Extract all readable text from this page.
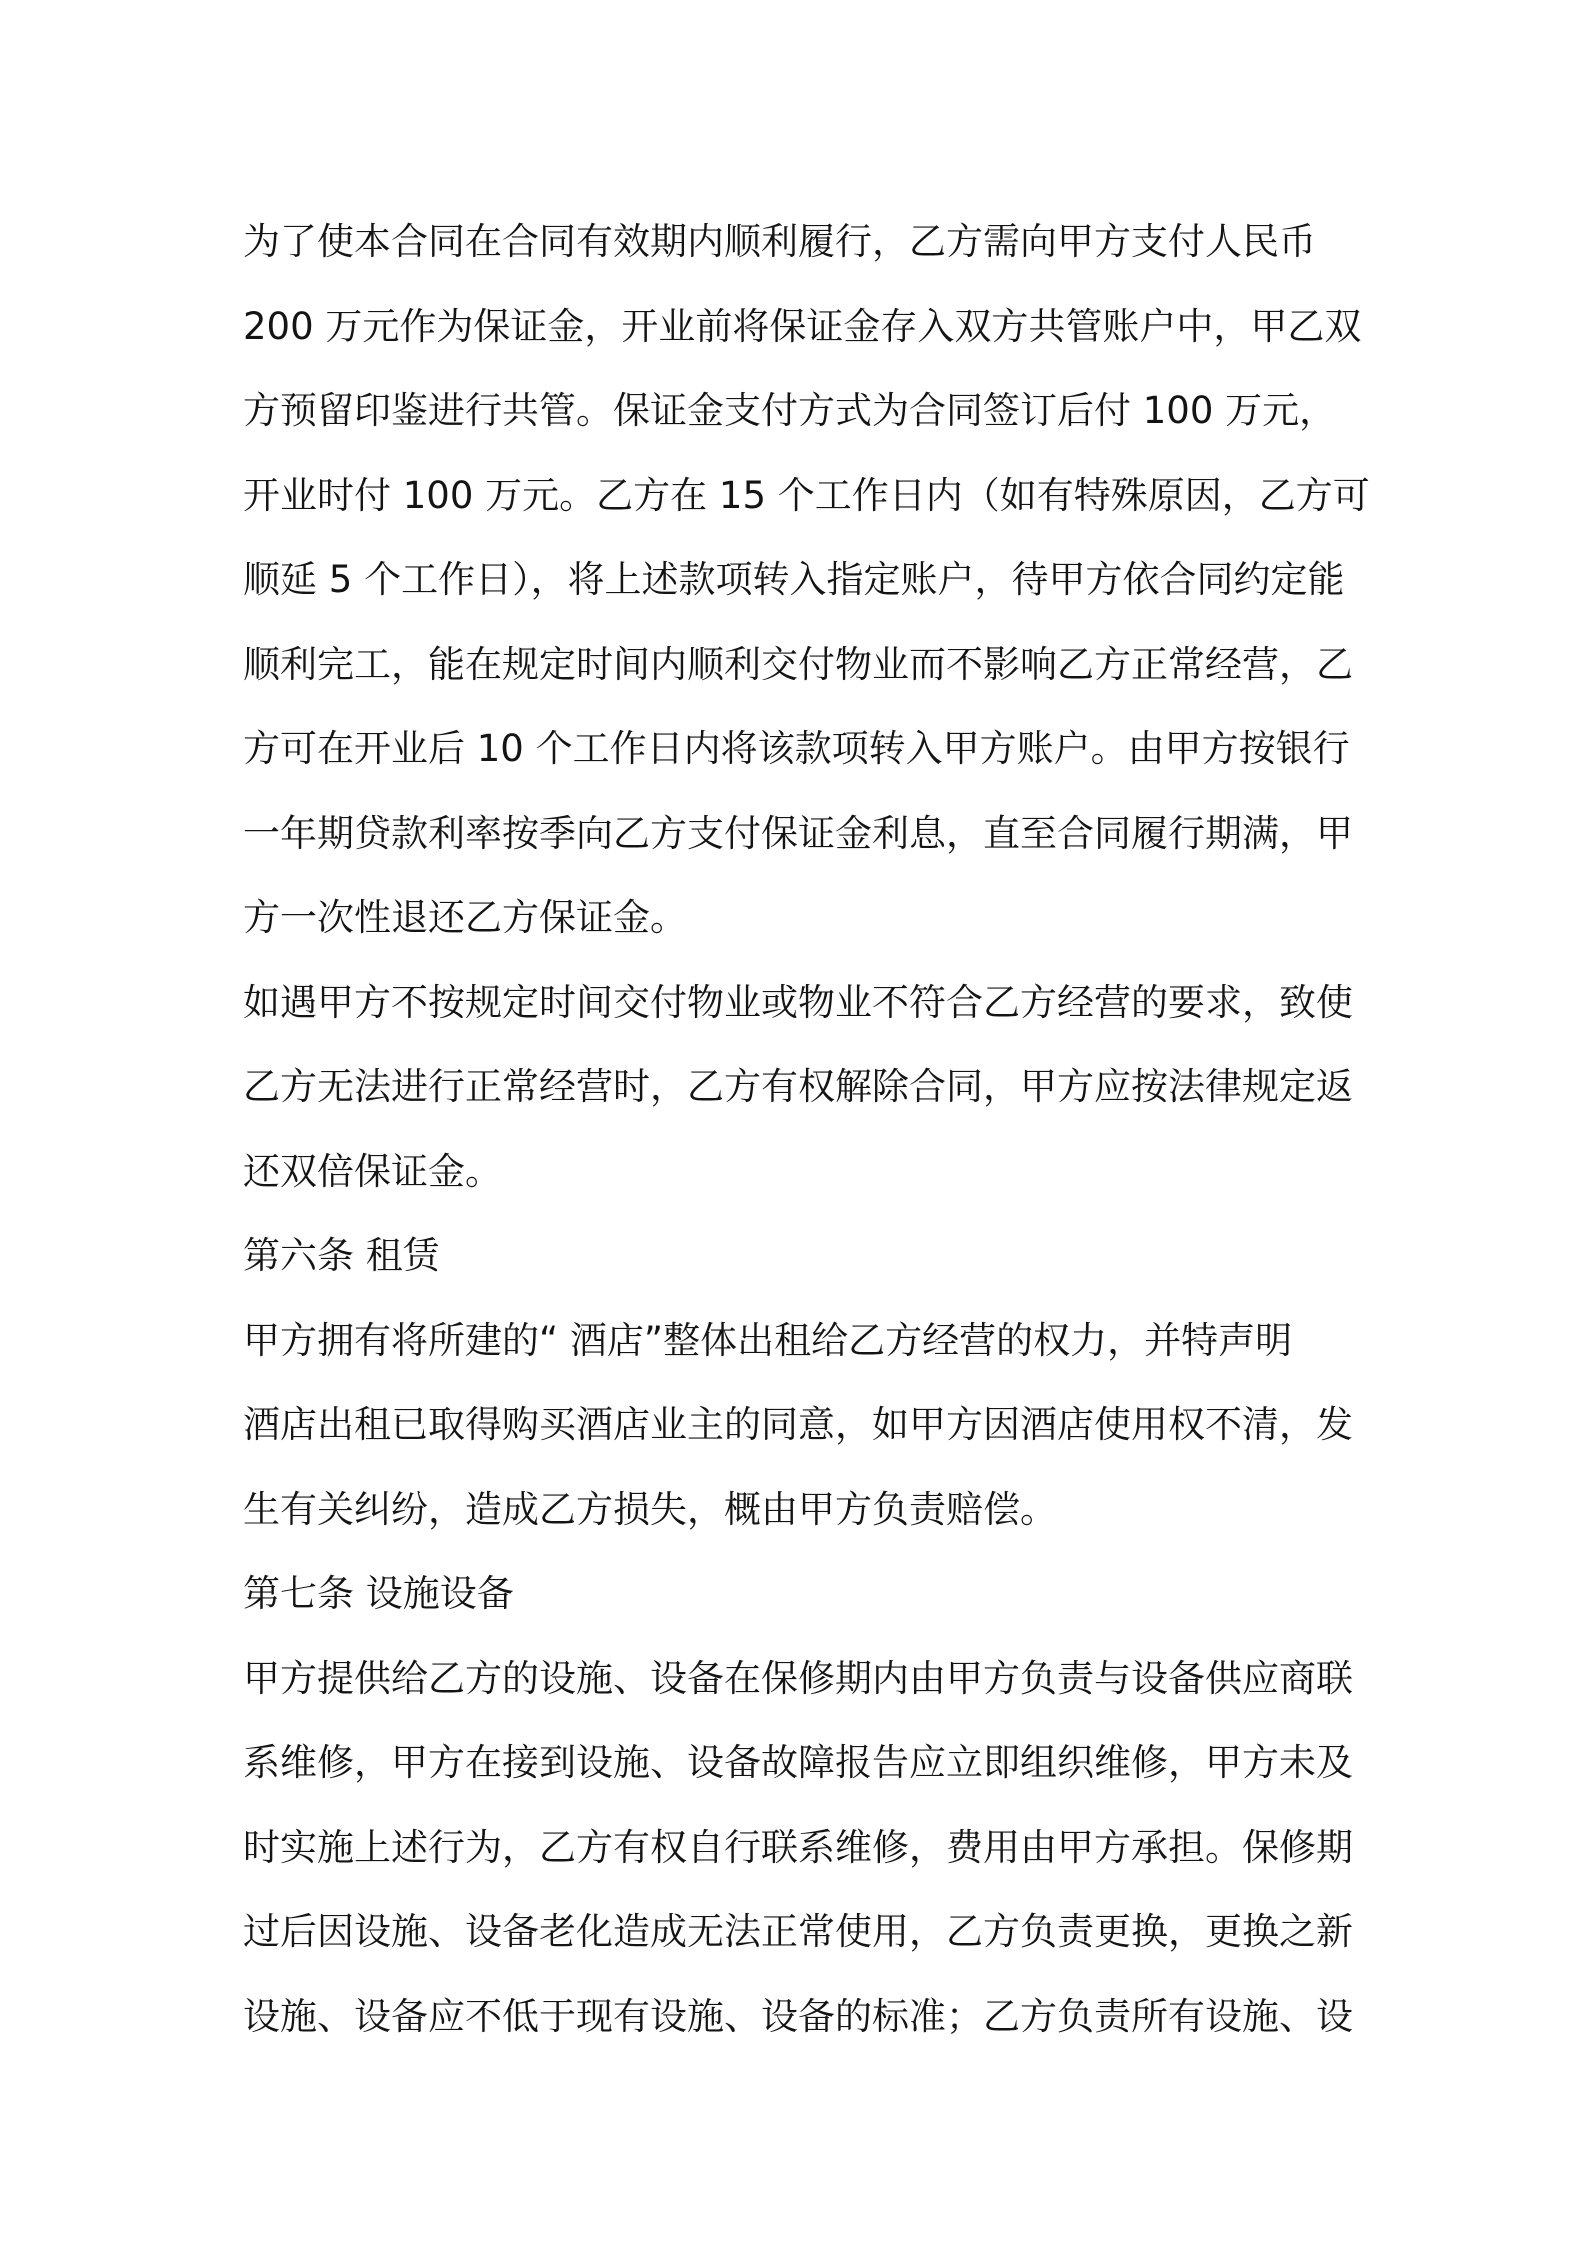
为了使本合同在合同有效期内顺利履行，乙方需向甲方支付人民币
200 万元作为保证金，开业前将保证金存入双方共管账户中，甲乙双
方预留印鉴进行共管。保证金支付方式为合同签订后付 100 万元，
开业时付 100 万元。乙方在 15 个工作日内（如有特殊原因，乙方可
顺延 5 个工作日），将上述款项转入指定账户，待甲方依合同约定能
顺利完工，能在规定时间内顺利交付物业而不影响乙方正常经营，乙
方可在开业后 10 个工作日内将该款项转入甲方账户。由甲方按银行
一年期贷款利率按季向乙方支付保证金利息，直至合同履行期满，甲
方一次性退还乙方保证金。
如遇甲方不按规定时间交付物业或物业不符合乙方经营的要求，致使
乙方无法进行正常经营时，乙方有权解除合同，甲方应按法律规定返
还双倍保证金。
第六条 租赁
甲方拥有将所建的“ 酒店”整体出租给乙方经营的权力，并特声明
酒店出租已取得购买酒店业主的同意，如甲方因酒店使用权不清，发
生有关纠纷，造成乙方损失，概由甲方负责赔偿。
第七条 设施设备
甲方提供给乙方的设施、设备在保修期内由甲方负责与设备供应商联
系维修，甲方在接到设施、设备故障报告应立即组织维修，甲方未及
时实施上述行为，乙方有权自行联系维修，费用由甲方承担。保修期
过后因设施、设备老化造成无法正常使用，乙方负责更换，更换之新
设施、设备应不低于现有设施、设备的标准；乙方负责所有设施、设
